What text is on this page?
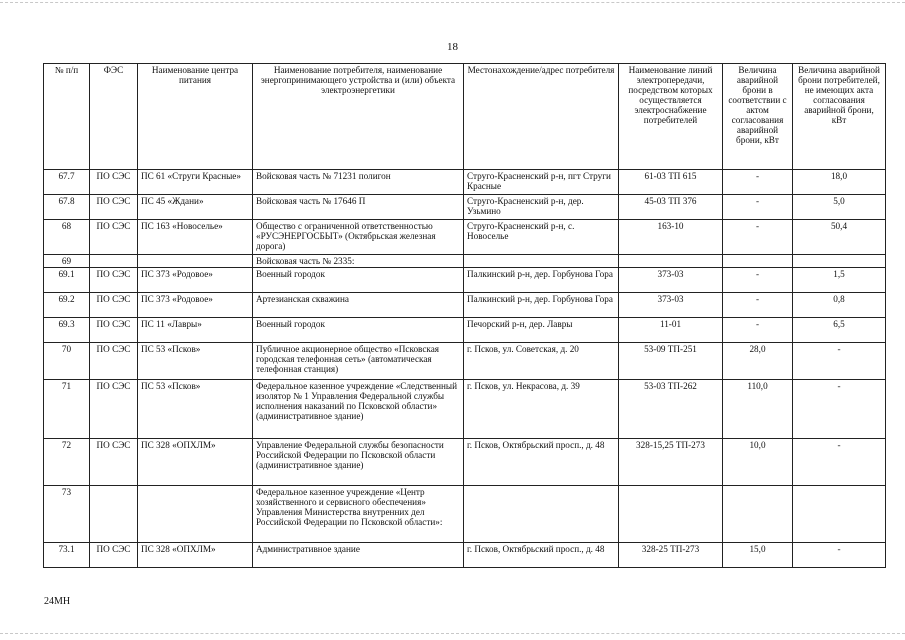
18
№ п/п	ФЭС	Наименование центра питания	Наименование потребителя, наименование энергопринимающего устройства и (или) объекта электроэнергетики	Местонахождение/адрес потребителя	Наименование линий электропередачи, посредством которых осуществляется электроснабжение потребителей	Величина аварийной брони в соответствии с актом согласования аварийной брони, кВт	Величина аварийной брони потребителей, не имеющих акта согласования аварийной брони, кВт
67.7	ПО СЭС	ПС 61 «Струги Красные»	Войсковая часть № 71231 полигон	Струго-Красненский р-н, пгт Струги Красные	61-03 ТП 615	-	18,0
67.8	ПО СЭС	ПС 45 «Ждани»	Войсковая часть № 17646 П	Струго-Красненский р-н, дер. Узьмино	45-03 ТП 376	-	5,0
68	ПО СЭС	ПС 163 «Новоселье»	Общество с ограниченной ответственностью «РУСЭНЕРГОСБЫТ» (Октябрьская железная дорога)	Струго-Красненский р-н, с. Новоселье	163-10	-	50,4
69			Войсковая часть № 2335:				
69.1	ПО СЭС	ПС 373 «Родовое»	Военный городок	Палкинский р-н, дер. Горбунова Гора	373-03	-	1,5
69.2	ПО СЭС	ПС 373 «Родовое»	Артезианская скважина	Палкинский р-н, дер. Горбунова Гора	373-03	-	0,8
69.3	ПО СЭС	ПС 11 «Лавры»	Военный городок	Печорский р-н, дер. Лавры	11-01	-	6,5
70	ПО СЭС	ПС 53 «Псков»	Публичное акционерное общество «Псковская городская телефонная сеть» (автоматическая телефонная станция)	г. Псков, ул. Советская, д. 20	53-09 ТП-251	28,0	-
71	ПО СЭС	ПС 53 «Псков»	Федеральное казенное учреждение «Следственный изолятор № 1 Управления Федеральной службы исполнения наказаний по Псковской области» (административное здание)	г. Псков, ул. Некрасова, д. 39	53-03 ТП-262	110,0	-
72	ПО СЭС	ПС 328 «ОПХЛМ»	Управление Федеральной службы безопасности Российской Федерации по Псковской области (административное здание)	г. Псков, Октябрьский просп., д. 48	328-15,25 ТП-273	10,0	-
73			Федеральное казенное учреждение «Центр хозяйственного и сервисного обеспечения» Управления Министерства внутренних дел Российской Федерации по Псковской области»:				
73.1	ПО СЭС	ПС 328 «ОПХЛМ»	Административное здание	г. Псков, Октябрьский просп., д. 48	328-25 ТП-273	15,0	-
24МН
